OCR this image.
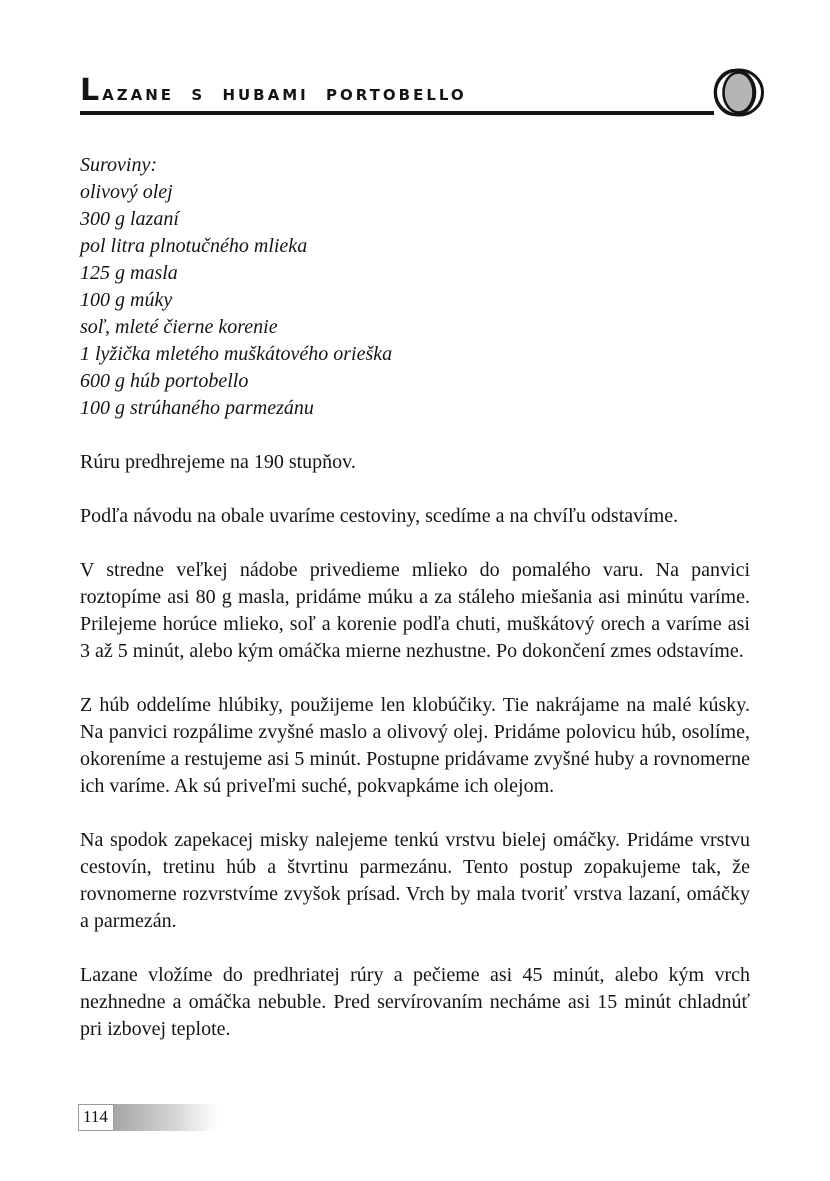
Lazane s hubami portobello
Suroviny:
olivový olej
300 g lazaní
pol litra plnotučného mlieka
125 g masla
100 g múky
soľ, mleté čierne korenie
1 lyžička mletého muškátového orieška
600 g húb portobello
100 g strúhaného parmezánu

Rúru predhrejeme na 190 stupňov.

Podľa návodu na obale uvaríme cestoviny, scedíme a na chvíľu odstavíme.

V stredne veľkej nádobe privedieme mlieko do pomalého varu. Na panvici roztopíme asi 80 g masla, pridáme múku a za stáleho miešania asi minútu varíme. Prilejeme horúce mlieko, soľ a korenie podľa chuti, muškátový orech a varíme asi 3 až 5 minút, alebo kým omáčka mierne nezhustne. Po dokončení zmes odstavíme.

Z húb oddelíme hlúbiky, použijeme len klobúčiky. Tie nakrájame na malé kúsky. Na panvici rozpálime zvyšné maslo a olivový olej. Pridáme polovicu húb, osolíme, okoreníme a restujeme asi 5 minút. Postupne pridávame zvyšné huby a rovnomerne ich varíme. Ak sú priveľmi suché, pokvapkáme ich olejom.

Na spodok zapekacej misky nalejeme tenkú vrstvu bielej omáčky. Pridáme vrstvu cestovín, tretinu húb a štvrtinu parmezánu. Tento postup zopakujeme tak, že rovnomerne rozvrstvíme zvyšok prísad. Vrch by mala tvoriť vrstva lazaní, omáčky a parmezán.

Lazane vložíme do predhriatej rúry a pečieme asi 45 minút, alebo kým vrch nezhnedne a omáčka nebuble. Pred servírovaním necháme asi 15 minút chladnúť pri izbovej teplote.

114
